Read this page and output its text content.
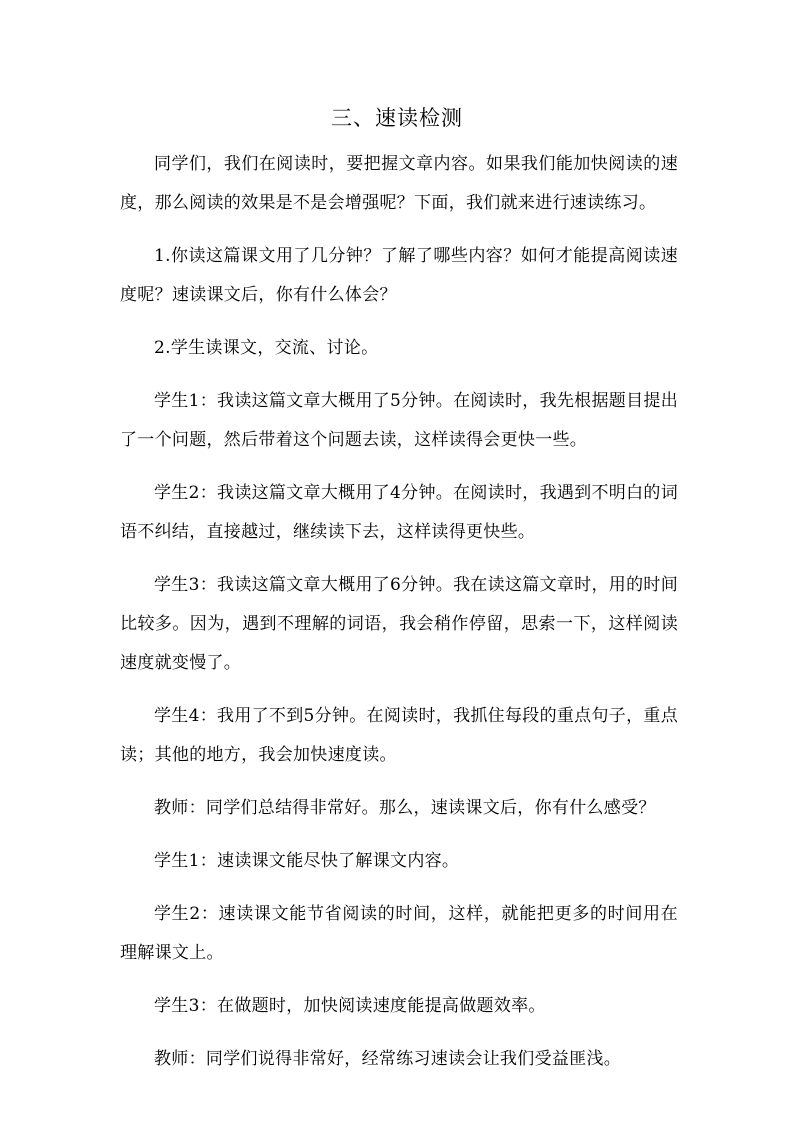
三、速读检测

同学们，我们在阅读时，要把握文章内容。如果我们能加快阅读的速度，那么阅读的效果是不是会增强呢？下面，我们就来进行速读练习。

1.你读这篇课文用了几分钟？了解了哪些内容？如何才能提高阅读速度呢？速读课文后，你有什么体会？

2.学生读课文，交流、讨论。

学生1：我读这篇文章大概用了5分钟。在阅读时，我先根据题目提出了一个问题，然后带着这个问题去读，这样读得会更快一些。

学生2：我读这篇文章大概用了4分钟。在阅读时，我遇到不明白的词语不纠结，直接越过，继续读下去，这样读得更快些。

学生3：我读这篇文章大概用了6分钟。我在读这篇文章时，用的时间比较多。因为，遇到不理解的词语，我会稍作停留，思索一下，这样阅读速度就变慢了。

学生4：我用了不到5分钟。在阅读时，我抓住每段的重点句子，重点读；其他的地方，我会加快速度读。

教师：同学们总结得非常好。那么，速读课文后，你有什么感受？

学生1：速读课文能尽快了解课文内容。

学生2：速读课文能节省阅读的时间，这样，就能把更多的时间用在理解课文上。

学生3：在做题时，加快阅读速度能提高做题效率。

教师：同学们说得非常好，经常练习速读会让我们受益匪浅。
